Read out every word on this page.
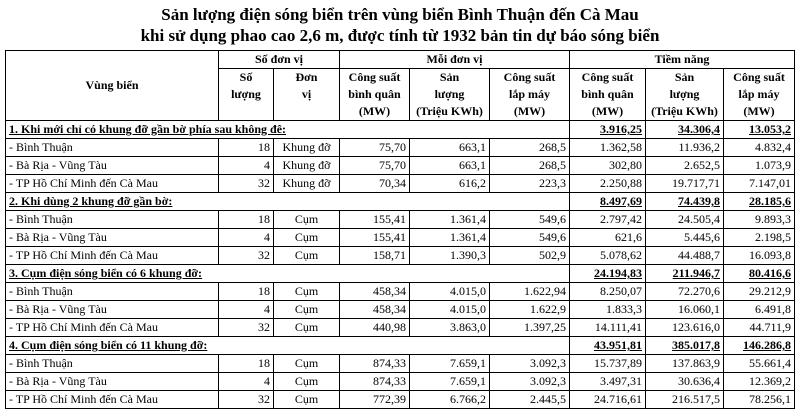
Sản lượng điện sóng biển trên vùng biển Bình Thuận đến Cà Mau
khi sử dụng phao cao 2,6 m, được tính từ 1932 bản tin dự báo sóng biển
Vùng biển	Số đơn vị		Mỗi đơn vị			Tiềm năng		
	Số	Đơn	Công suất	Sản	Công suất	Công suất	Sản	Công suất
	lượng	vị	bình quân	lượng	lắp máy	bình quân	lượng	lắp máy
			(MW)	(Triệu KWh)	(MW)	(MW)	(Triệu KWh)	(MW)
1. Khi mới chỉ có khung đỡ gần bờ phía sau không đê:						3.916,25	34.306,4	13.053,2
- Bình Thuận	18	Khung đỡ	75,70	663,1	268,5	1.362,58	11.936,2	4.832,4
- Bà Rịa - Vũng Tàu	4	Khung đỡ	75,70	663,1	268,5	302,80	2.652,5	1.073,9
- TP Hồ Chí Minh đến Cà Mau	32	Khung đỡ	70,34	616,2	223,3	2.250,88	19.717,71	7.147,01
2. Khi dùng 2 khung đỡ gần bờ:						8.497,69	74.439,8	28.185,6
- Bình Thuận	18	Cụm	155,41	1.361,4	549,6	2.797,42	24.505,4	9.893,3
- Bà Rịa - Vũng Tàu	4	Cụm	155,41	1.361,4	549,6	621,6	5.445,6	2.198,5
- TP Hồ Chí Minh đến Cà Mau	32	Cụm	158,71	1.390,3	502,9	5.078,62	44.488,7	16.093,8
3. Cụm điện sóng biển có 6 khung đỡ:						24.194,83	211.946,7	80.416,6
- Bình Thuận	18	Cụm	458,34	4.015,0	1.622,94	8.250,07	72.270,6	29.212,9
- Bà Rịa - Vũng Tàu	4	Cụm	458,34	4.015,0	1.622,9	1.833,3	16.060,1	6.491,8
- TP Hồ Chí Minh đến Cà Mau	32	Cụm	440,98	3.863,0	1.397,25	14.111,41	123.616,0	44.711,9
4. Cụm điện sóng biển có 11 khung đỡ:						43.951,81	385.017,8	146.286,8
- Bình Thuận	18	Cụm	874,33	7.659,1	3.092,3	15.737,89	137.863,9	55.661,4
- Bà Rịa - Vũng Tàu	4	Cụm	874,33	7.659,1	3.092,3	3.497,31	30.636,4	12.369,2
- TP Hồ Chí Minh đến Cà Mau	32	Cụm	772,39	6.766,2	2.445,5	24.716,61	216.517,5	78.256,1
